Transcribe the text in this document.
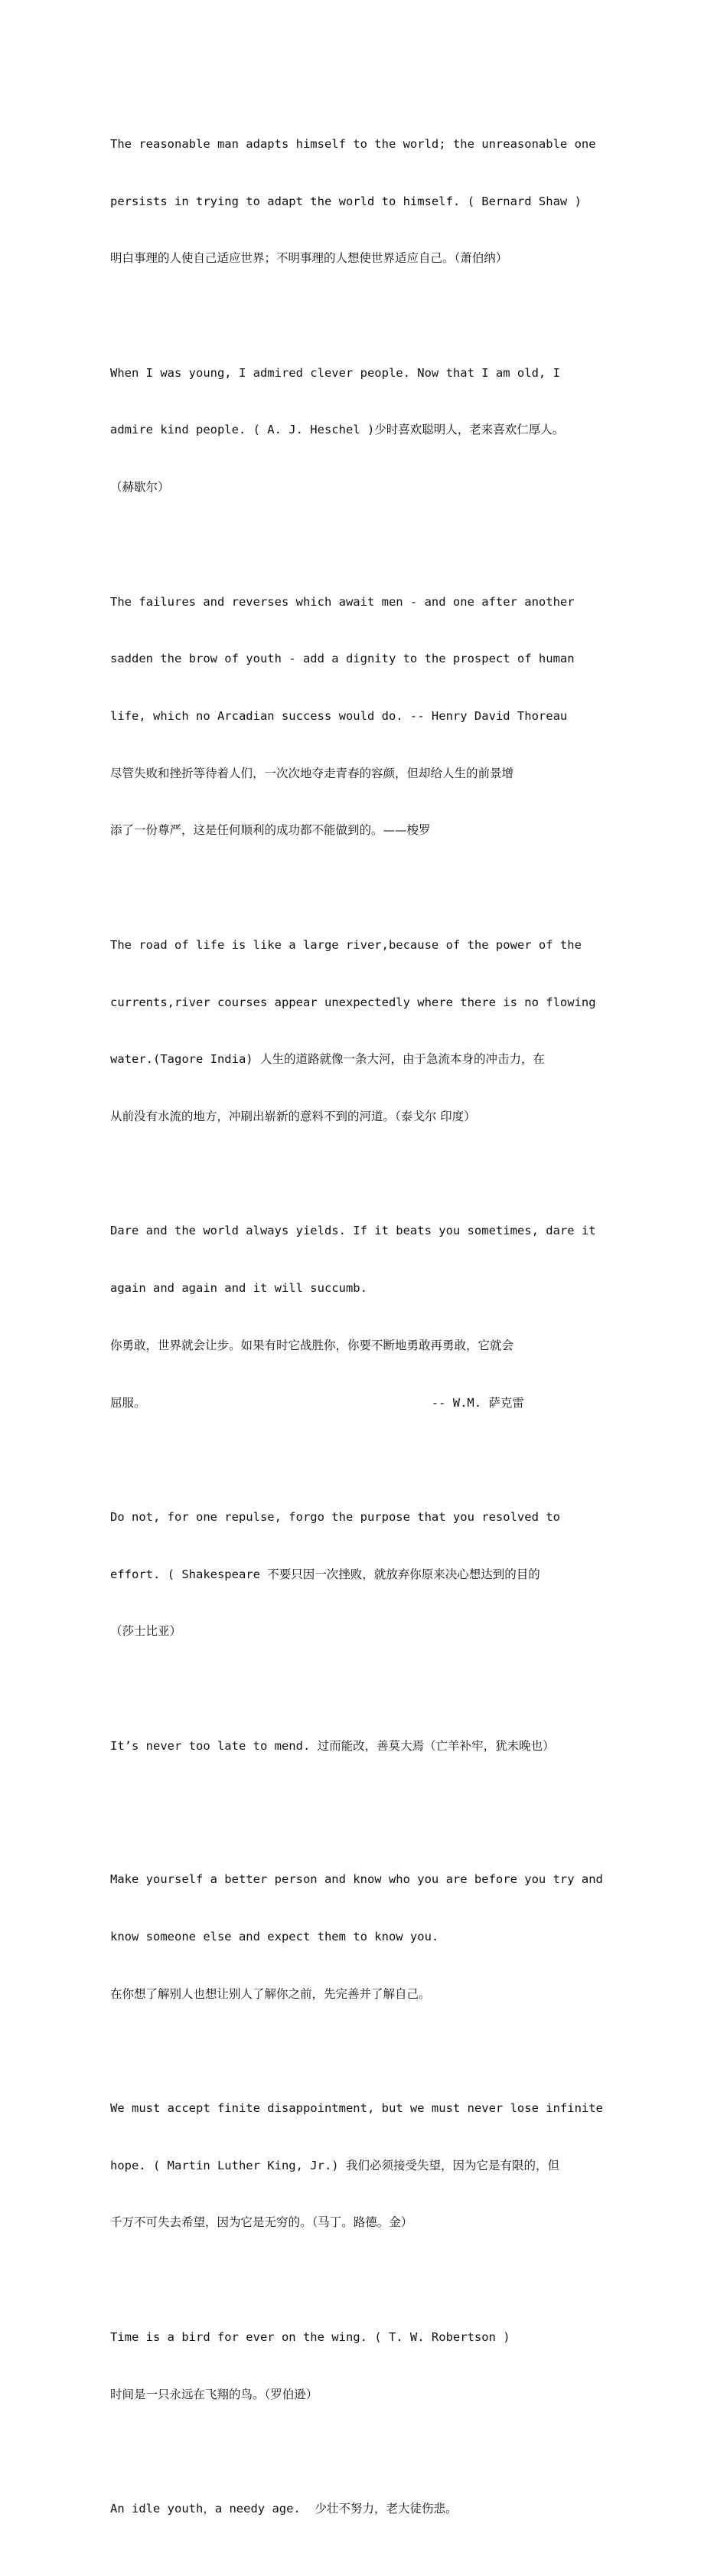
The reasonable man adapts himself to the world; the unreasonable one

persists in trying to adapt the world to himself. ( Bernard Shaw )

明白事理的人使自己适应世界；不明事理的人想使世界适应自己。（萧伯纳）

When I was young, I admired clever people. Now that I am old, I

admire kind people. ( A. J. Heschel )少时喜欢聪明人，老来喜欢仁厚人。

（赫歇尔）

The failures and reverses which await men - and one after another

sadden the brow of youth - add a dignity to the prospect of human

life, which no Arcadian success would do. -- Henry David Thoreau

尽管失败和挫折等待着人们，一次次地夺走青春的容颜，但却给人生的前景增

添了一份尊严，这是任何顺利的成功都不能做到的。——梭罗

The road of life is like a large river,because of the power of the

currents,river courses appear unexpectedly where there is no flowing

water.(Tagore India) 人生的道路就像一条大河，由于急流本身的冲击力，在

从前没有水流的地方，冲刷出崭新的意料不到的河道。（泰戈尔 印度）

Dare and the world always yields. If it beats you sometimes, dare it

again and again and it will succumb.

你勇敢，世界就会让步。如果有时它战胜你，你要不断地勇敢再勇敢，它就会

屈服。                                        -- W.M. 萨克雷

Do not, for one repulse, forgo the purpose that you resolved to

effort. ( Shakespeare 不要只因一次挫败，就放弃你原来决心想达到的目的

（莎士比亚）

It’s never too late to mend. 过而能改，善莫大焉（亡羊补牢，犹未晚也）

Make yourself a better person and know who you are before you try and

know someone else and expect them to know you.

在你想了解别人也想让别人了解你之前，先完善并了解自己。

We must accept finite disappointment, but we must never lose infinite

hope. ( Martin Luther King, Jr.) 我们必须接受失望，因为它是有限的，但

千万不可失去希望，因为它是无穷的。（马丁。路德。金）

Time is a bird for ever on the wing. ( T. W. Robertson )

时间是一只永远在飞翔的鸟。（罗伯逊）

An idle youth，a needy age.  少壮不努力，老大徒伤悲。
